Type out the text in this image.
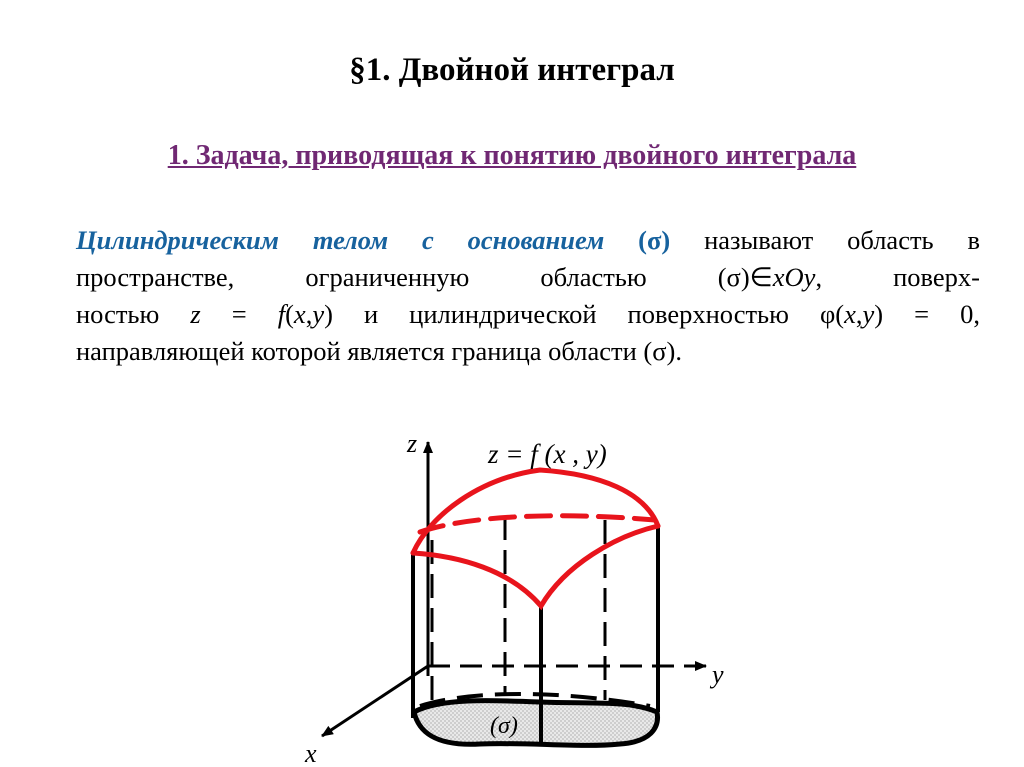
§1. Двойной интеграл
1. Задача, приводящая к понятию двойного интеграла
Цилиндрическим телом с основанием (σ) называют область в
пространстве, ограниченную областью (σ)∈xOy, поверх-
ностью z = f(x,y) и цилиндрической поверхностью φ(x,y) = 0,
направляющей которой является граница области (σ).
z = f (x , y)
z
y
x
(σ)
